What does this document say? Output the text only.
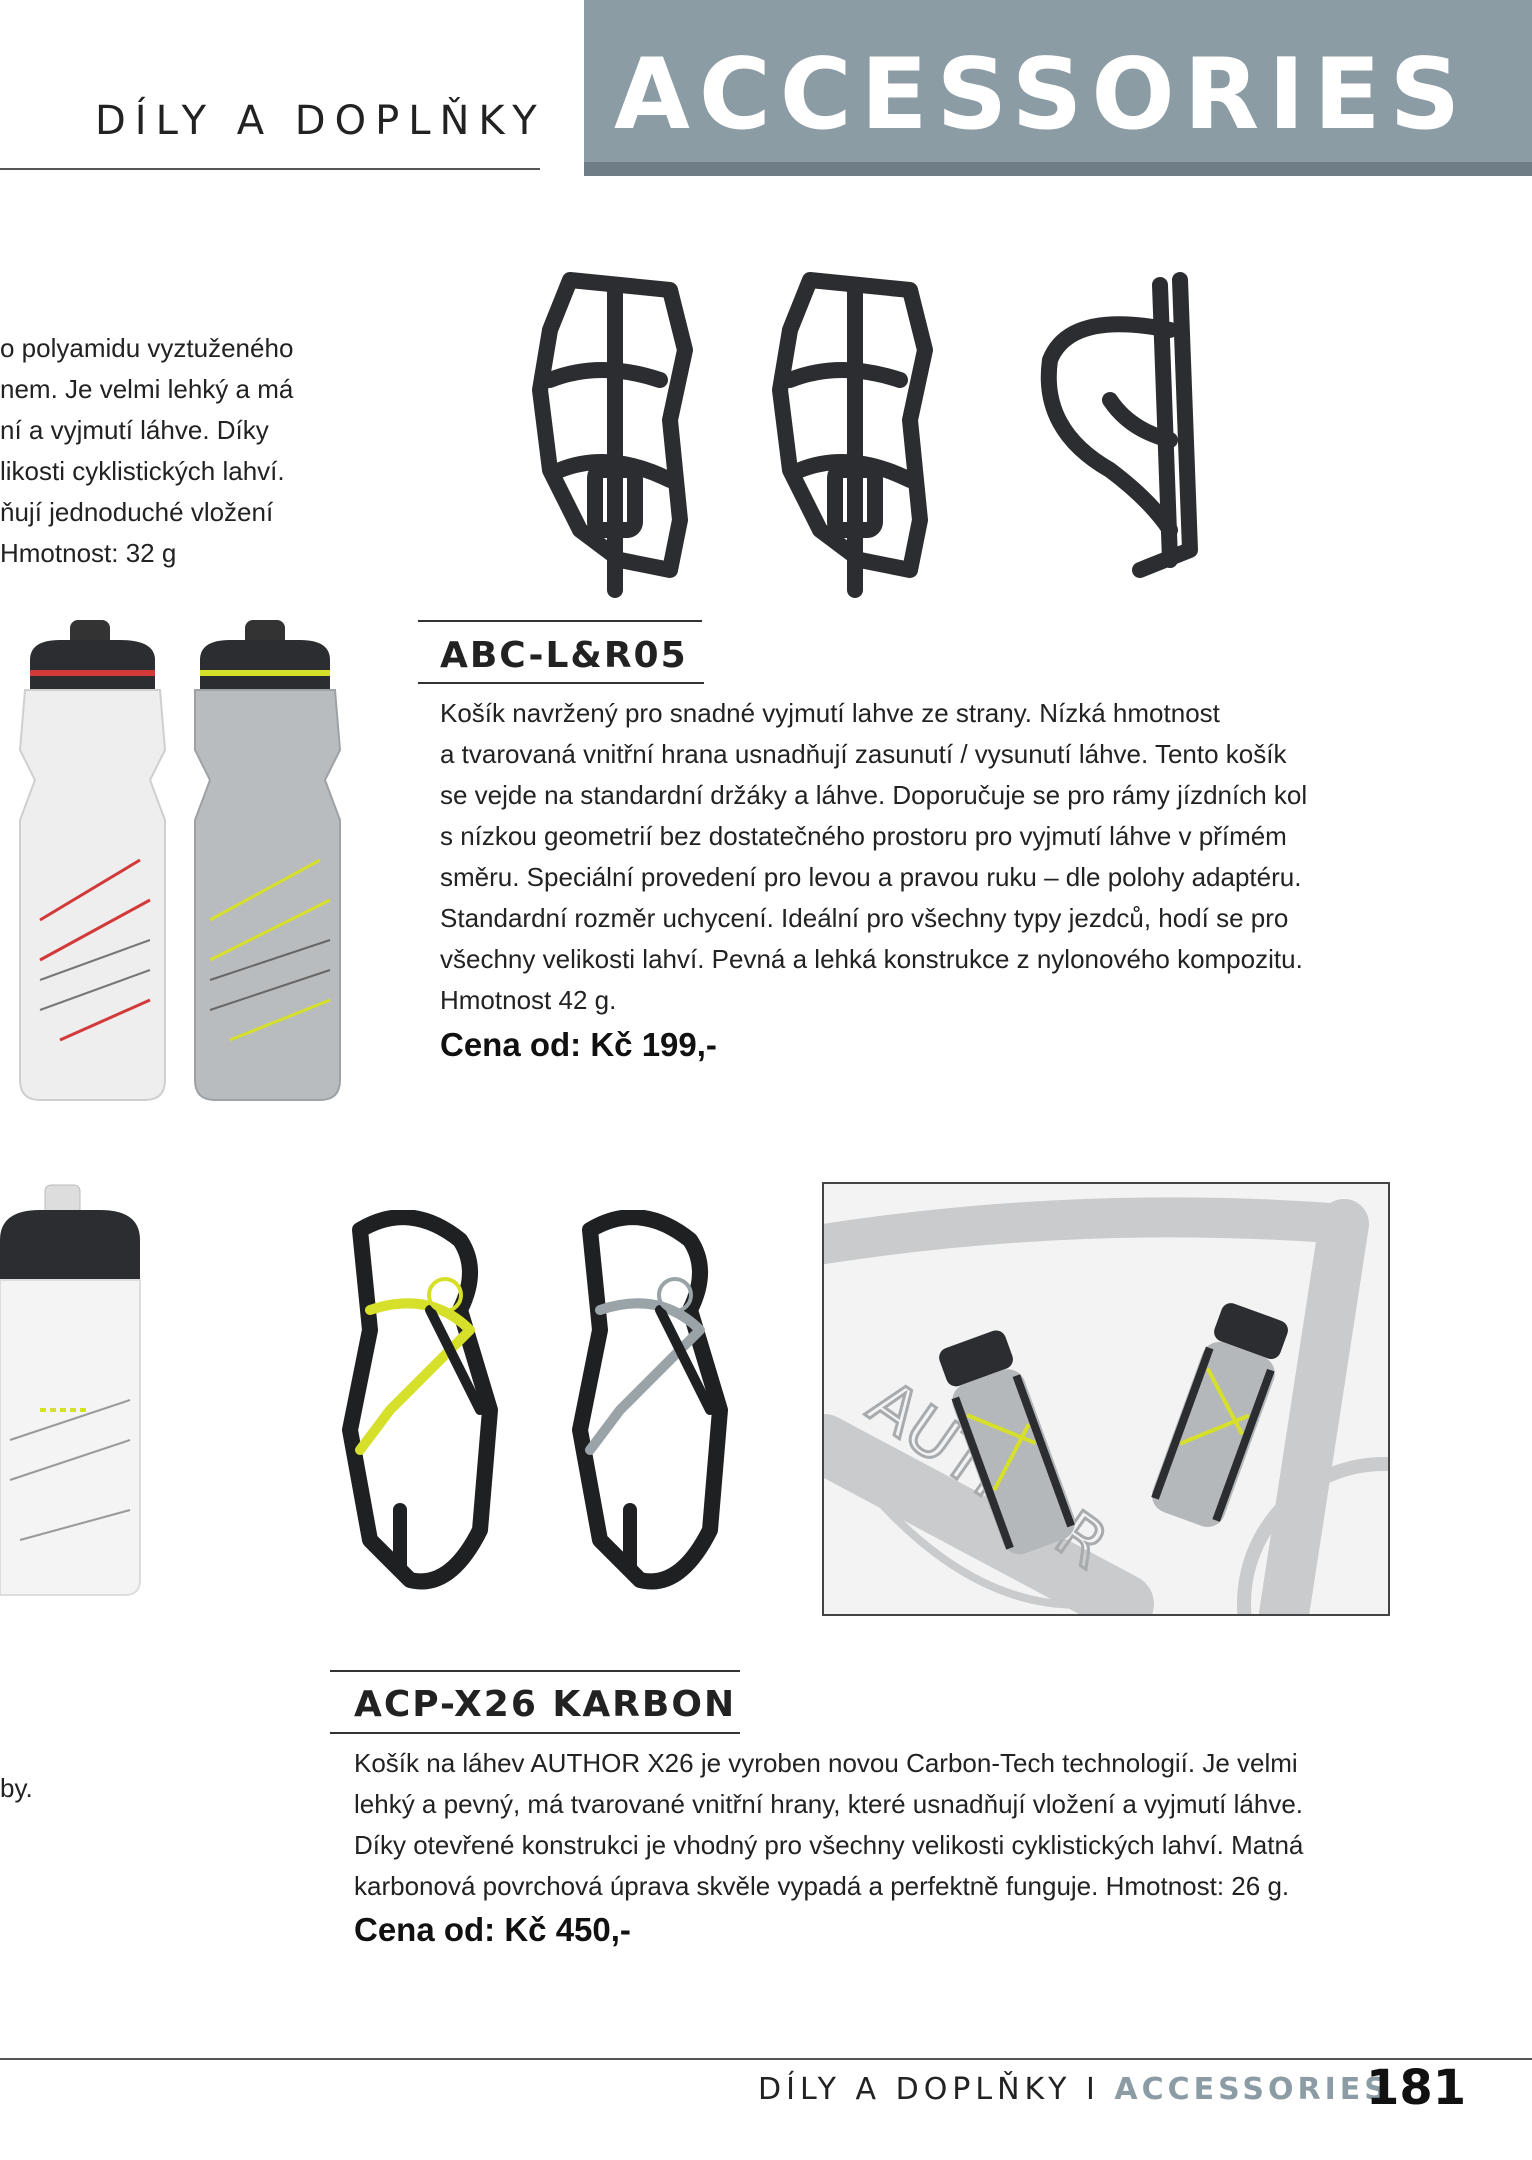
DÍLY A DOPLŇKY ACCESSORIES
o polyamidu vyztuženého
nem. Je velmi lehký a má
ní a vyjmutí láhve. Díky
likosti cyklistických lahví.
ňují jednoduché vložení
Hmotnost: 32 g
by.
ABC-L&R05
Košík navržený pro snadné vyjmutí lahve ze strany. Nízká hmotnost
a tvarovaná vnitřní hrana usnadňují zasunutí / vysunutí láhve. Tento košík
se vejde na standardní držáky a láhve. Doporučuje se pro rámy jízdních kol
s nízkou geometrií bez dostatečného prostoru pro vyjmutí láhve v přímém
směru. Speciální provedení pro levou a pravou ruku – dle polohy adaptéru.
Standardní rozměr uchycení. Ideální pro všechny typy jezdců, hodí se pro
všechny velikosti lahví. Pevná a lehká konstrukce z nylonového kompozitu.
Hmotnost 42 g.
Cena od: Kč 199,-
ACP-X26 KARBON
Košík na láhev AUTHOR X26 je vyroben novou Carbon-Tech technologií. Je velmi
lehký a pevný, má tvarované vnitřní hrany, které usnadňují vložení a vyjmutí láhve.
Díky otevřené konstrukci je vhodný pro všechny velikosti cyklistických lahví. Matná
karbonová povrchová úprava skvěle vypadá a perfektně funguje. Hmotnost: 26 g.
Cena od: Kč 450,-
DÍLY A DOPLŇKY I ACCESSORIES
181
